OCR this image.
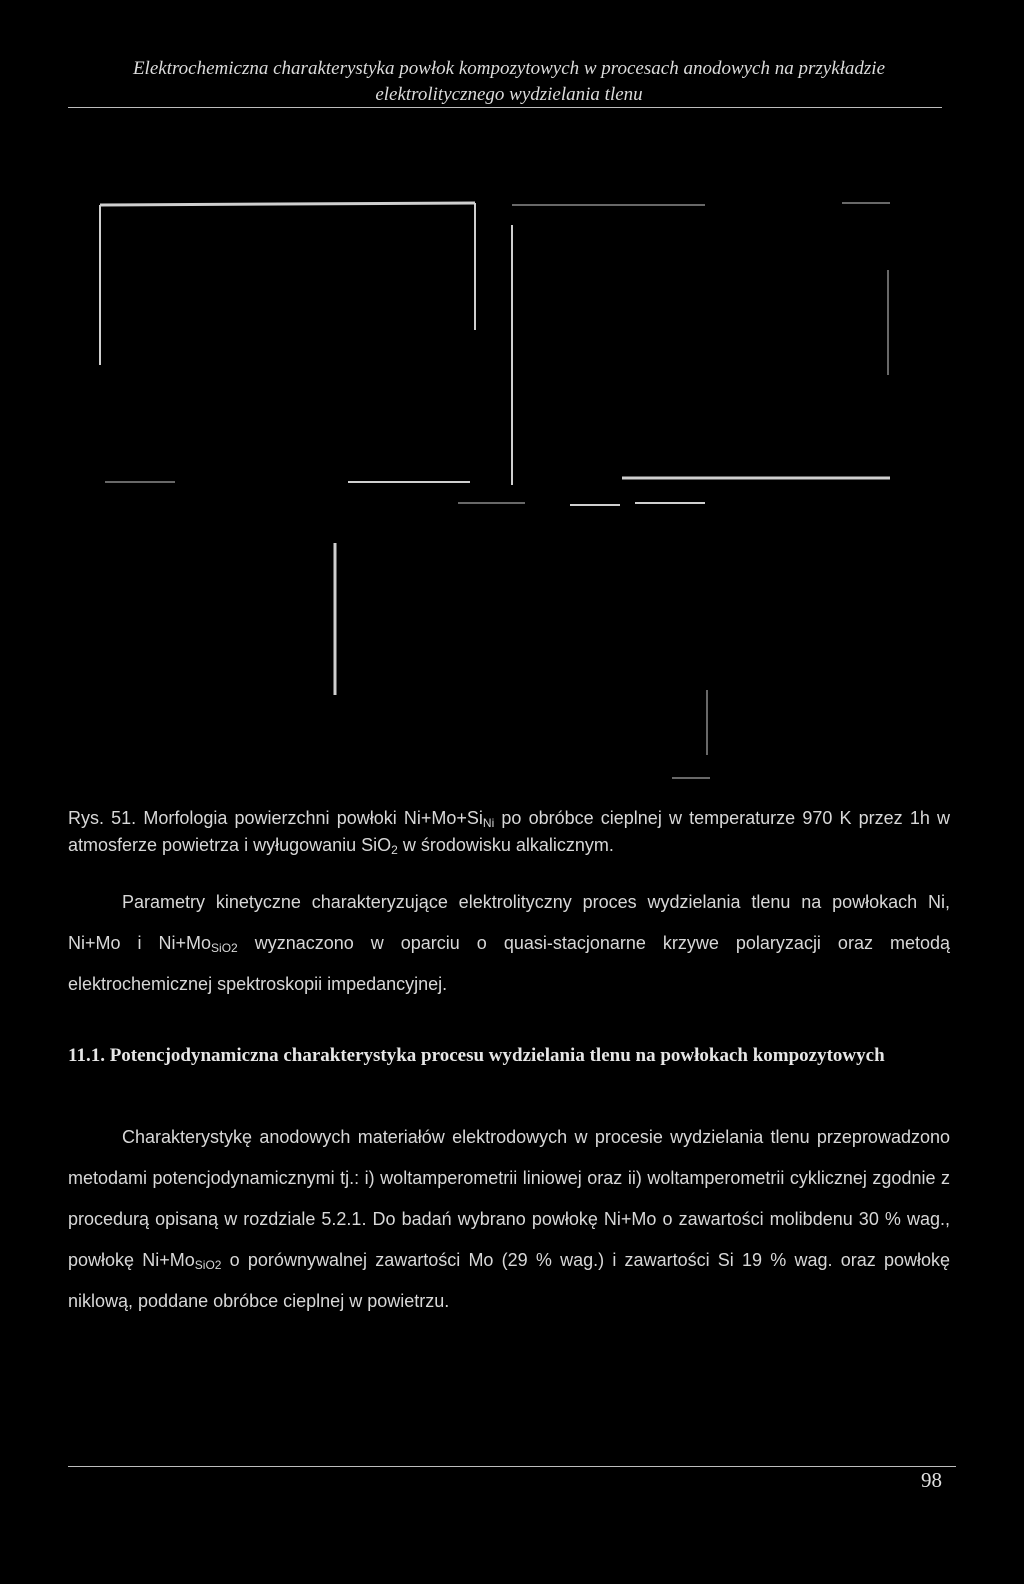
Elektrochemiczna charakterystyka powłok kompozytowych w procesach anodowych na przykładzie
elektrolitycznego wydzielania tlenu
Rys. 51. Morfologia powierzchni powłoki $Ni+Mo+Si_{Ni}$ po obróbce cieplnej w temperaturze 970 K przez 1h w atmosferze powietrza i wyługowaniu SiO$_2$ w środowisku alkalicznym.
Parametry kinetyczne charakteryzujące elektrolityczny proces wydzielania tlenu na powłokach Ni, Ni+Mo i $Ni+Mo_{SiO2}$ wyznaczono w oparciu o quasi-stacjonarne krzywe polaryzacji oraz metodą elektrochemicznej spektroskopii impedancyjnej.
11.1. Potencjodynamiczna charakterystyka procesu wydzielania tlenu na powłokach kompozytowych
Charakterystykę anodowych materiałów elektrodowych w procesie wydzielania tlenu przeprowadzono metodami potencjodynamicznymi tj.: i) woltamperometrii liniowej oraz ii) woltamperometrii cyklicznej zgodnie z procedurą opisaną w rozdziale 5.2.1. Do badań wybrano powłokę Ni+Mo o zawartości molibdenu 30 % wag., powłokę $Ni+Mo_{SiO2}$ o porównywalnej zawartości Mo (29 % wag.) i zawartości Si 19 % wag. oraz powłokę niklową, poddane obróbce cieplnej w powietrzu.
98
